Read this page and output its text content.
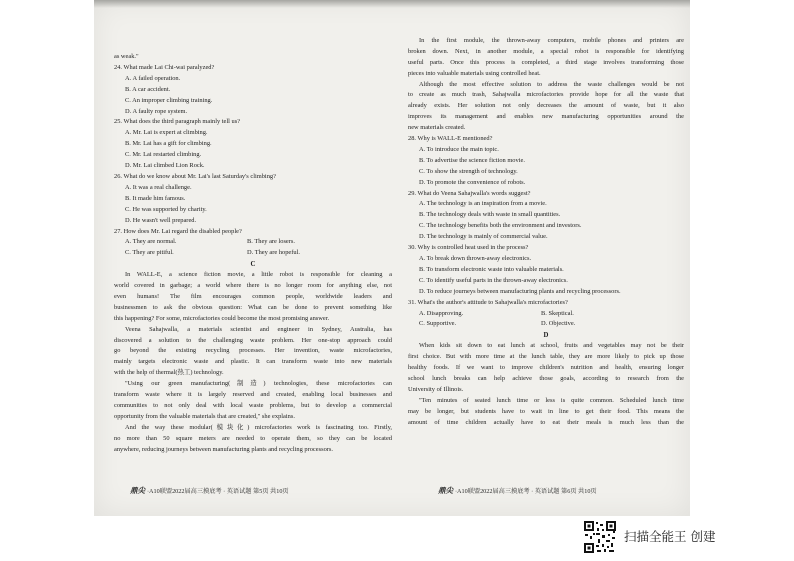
as weak."
24. What made Lai Chi-wai paralyzed?
A. A failed operation.
B. A car accident.
C. An improper climbing training.
D. A faulty rope system.
25. What does the third paragraph mainly tell us?
A. Mr. Lai is expert at climbing.
B. Mr. Lai has a gift for climbing.
C. Mr. Lai restarted climbing.
D. Mr. Lai climbed Lion Rock.
26. What do we know about Mr. Lai's last Saturday's climbing?
A. It was a real challenge.
B. It made him famous.
C. He was supported by charity.
D. He wasn't well prepared.
27. How does Mr. Lai regard the disabled people?
A. They are normal.	B. They are losers.
C. They are pitiful.	D. They are hopeful.
C
In WALL-E, a science fiction movie, a little robot is responsible for cleaning a
world covered in garbage; a world where there is no longer room for anything else, not
even humans! The film encourages common people, worldwide leaders and
businessmen to ask the obvious question: What can be done to prevent something like
this happening? For some, microfactories could become the most promising answer.
Veena Sahajwalla, a materials scientist and engineer in Sydney, Australia, has
discovered a solution to the challenging waste problem. Her one-stop approach could
go beyond the existing recycling processes. Her invention, waste microfactories,
mainly targets electronic waste and plastic. It can transform waste into new materials
with the help of thermal(热工) technology.
"Using our green manufacturing(制造) technologies, these microfactories can
transform waste where it is largely reserved and created, enabling local businesses and
communities to not only deal with local waste problems, but to develop a commercial
opportunity from the valuable materials that are created," she explains.
And the way these modular(模块化) microfactories work is fascinating too. Firstly,
no more than 50 square meters are needed to operate them, so they can be located
anywhere, reducing journeys between manufacturing plants and recycling processors.
鼎尖 ·A10联盟2022届高三摸底考 · 英语试题 第5页 共10页
In the first module, the thrown-away computers, mobile phones and printers are
broken down. Next, in another module, a special robot is responsible for identifying
useful parts. Once this process is completed, a third stage involves transforming those
pieces into valuable materials using controlled heat.
Although the most effective solution to address the waste challenges would be not
to create as much trash, Sahajwalla microfactories provide hope for all the waste that
already exists. Her solution not only decreases the amount of waste, but it also
improves its management and enables new manufacturing opportunities around the
new materials created.
28. Why is WALL-E mentioned?
A. To introduce the main topic.
B. To advertise the science fiction movie.
C. To show the strength of technology.
D. To promote the convenience of robots.
29. What do Veena Sahajwalla's words suggest?
A. The technology is an inspiration from a movie.
B. The technology deals with waste in small quantities.
C. The technology benefits both the environment and investors.
D. The technology is mainly of commercial value.
30. Why is controlled heat used in the process?
A. To break down thrown-away electronics.
B. To transform electronic waste into valuable materials.
C. To identify useful parts in the thrown-away electronics.
D. To reduce journeys between manufacturing plants and recycling processors.
31. What's the author's attitude to Sahajwalla's microfactories?
A. Disapproving.	B. Skeptical.
C. Supportive.	D. Objective.
D
When kids sit down to eat lunch at school, fruits and vegetables may not be their
first choice. But with more time at the lunch table, they are more likely to pick up those
healthy foods. If we want to improve children's nutrition and health, ensuring longer
school lunch breaks can help achieve those goals, according to research from the
University of Illinois.
"Ten minutes of seated lunch time or less is quite common. Scheduled lunch time
may be longer, but students have to wait in line to get their food. This means the
amount of time children actually have to eat their meals is much less than the
鼎尖 ·A10联盟2022届高三摸底考 · 英语试题 第6页 共10页
扫描全能王 创建
